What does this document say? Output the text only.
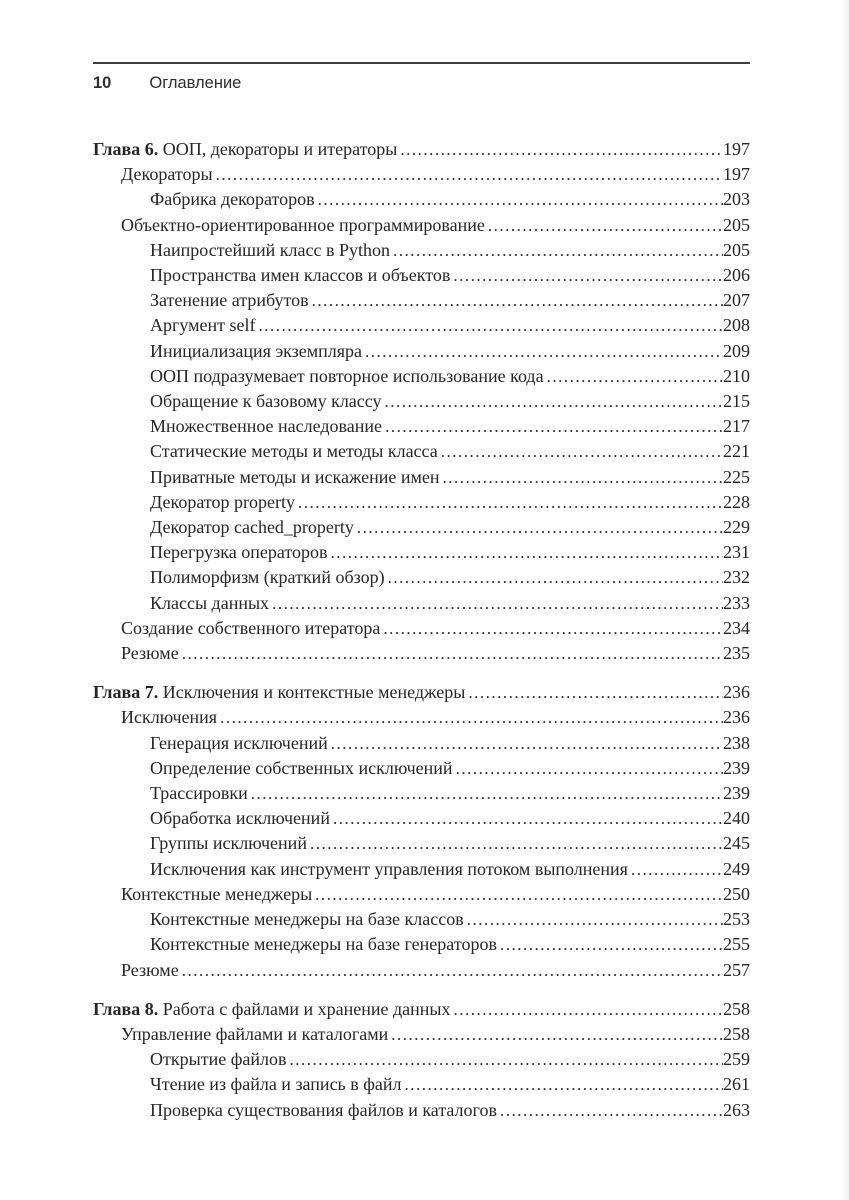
10 Оглавление
Глава 6. ООП, декораторы и итераторы .....	197
Декораторы .....	197
Фабрика декораторов .....	203
Объектно-ориентированное программирование .....	205
Наипростейший класс в Python .....	205
Пространства имен классов и объектов .....	206
Затенение атрибутов .....	207
Аргумент self .....	208
Инициализация экземпляра .....	209
ООП подразумевает повторное использование кода .....	210
Обращение к базовому классу .....	215
Множественное наследование .....	217
Статические методы и методы класса .....	221
Приватные методы и искажение имен .....	225
Декоратор property .....	228
Декоратор cached_property .....	229
Перегрузка операторов .....	231
Полиморфизм (краткий обзор) .....	232
Классы данных .....	233
Создание собственного итератора .....	234
Резюме .....	235
Глава 7. Исключения и контекстные менеджеры .....	236
Исключения .....	236
Генерация исключений .....	238
Определение собственных исключений .....	239
Трассировки .....	239
Обработка исключений .....	240
Группы исключений .....	245
Исключения как инструмент управления потоком выполнения .....	249
Контекстные менеджеры .....	250
Контекстные менеджеры на базе классов .....	253
Контекстные менеджеры на базе генераторов .....	255
Резюме .....	257
Глава 8. Работа с файлами и хранение данных .....	258
Управление файлами и каталогами .....	258
Открытие файлов .....	259
Чтение из файла и запись в файл .....	261
Проверка существования файлов и каталогов .....	263
